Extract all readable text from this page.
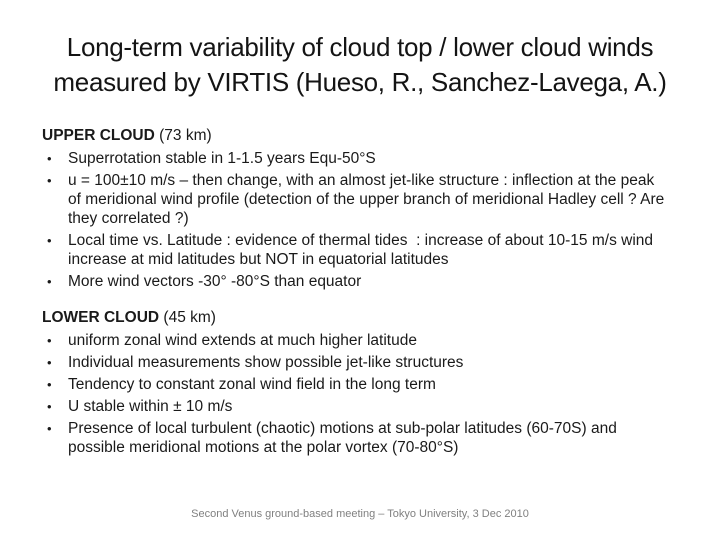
Long-term variability of cloud top / lower cloud winds
measured by VIRTIS (Hueso, R., Sanchez-Lavega, A.)

UPPER CLOUD (73 km)

• Superrotation stable in 1-1.5 years Equ-50°S
• u = 100±10 m/s – then change, with an almost jet-like structure : inflection at the peak of meridional wind profile (detection of the upper branch of meridional Hadley cell ? Are they correlated ?)
• Local time vs. Latitude : evidence of thermal tides  : increase of about 10-15 m/s wind increase at mid latitudes but NOT in equatorial latitudes
• More wind vectors -30° -80°S than equator

LOWER CLOUD (45 km)

• uniform zonal wind extends at much higher latitude
• Individual measurements show possible jet-like structures
• Tendency to constant zonal wind field in the long term
• U stable within ± 10 m/s
• Presence of local turbulent (chaotic) motions at sub-polar latitudes (60-70S) and possible meridional motions at the polar vortex (70-80°S)
Second Venus ground-based meeting – Tokyo University, 3 Dec 2010
